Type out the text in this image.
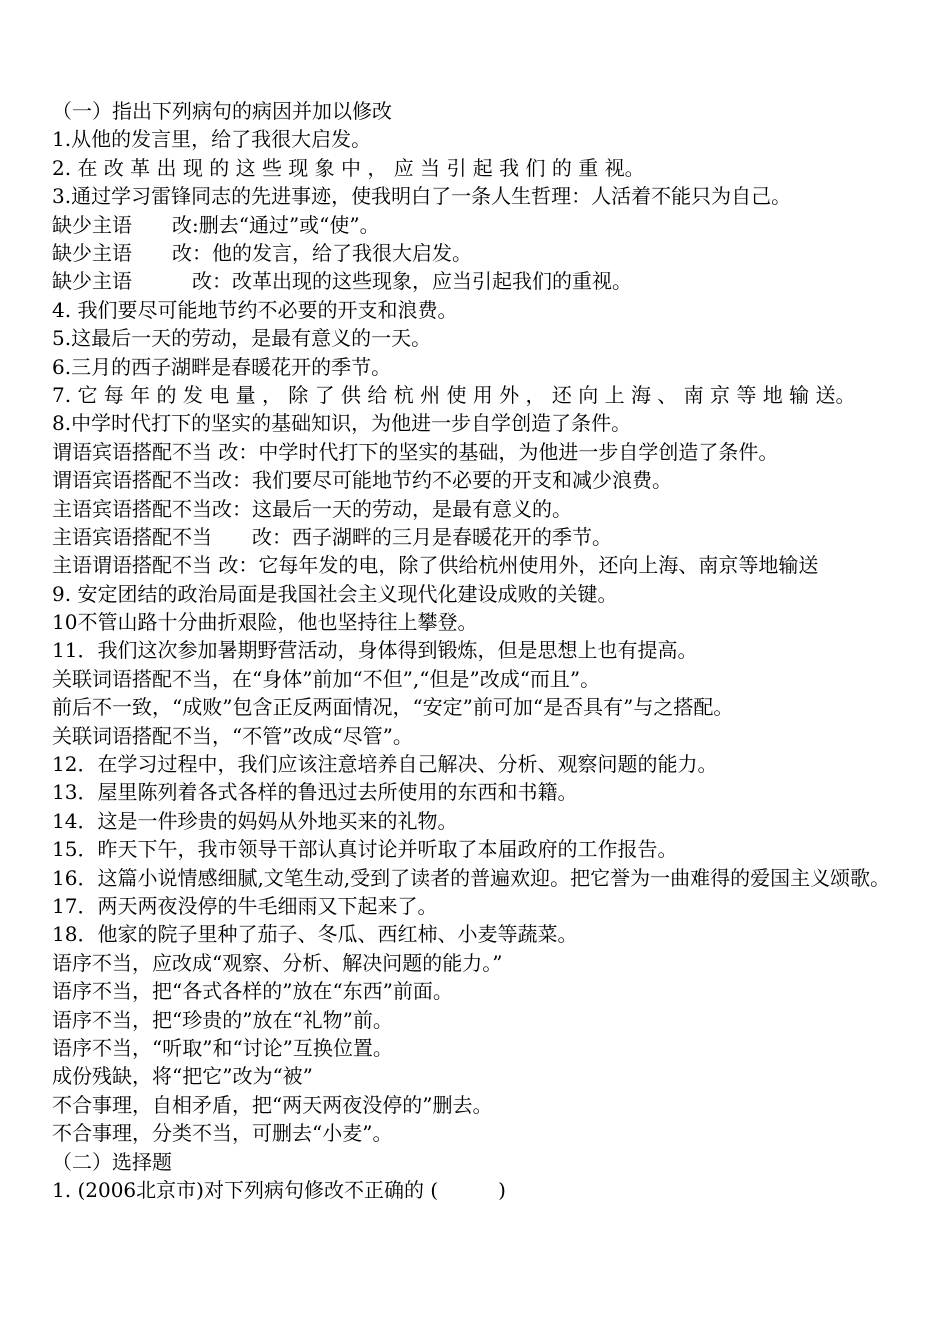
（一）指出下列病句的病因并加以修改
1.从他的发言里，给了我很大启发。
2. 在 改 革 出 现 的 这 些 现 象 中 ， 应 当 引 起 我 们 的 重 视。
3.通过学习雷锋同志的先进事迹，使我明白了一条人生哲理：人活着不能只为自己。
缺少主语　　改:删去“通过”或“使”。
缺少主语　　改：他的发言，给了我很大启发。
缺少主语　　　改：改革出现的这些现象，应当引起我们的重视。
4. 我们要尽可能地节约不必要的开支和浪费。
5.这最后一天的劳动，是最有意义的一天。
6.三月的西子湖畔是春暖花开的季节。
7. 它 每 年 的 发 电 量 ， 除 了 供 给 杭 州 使 用 外 ， 还 向 上 海 、 南 京 等 地 输 送。
8.中学时代打下的坚实的基础知识，为他进一步自学创造了条件。
谓语宾语搭配不当 改：中学时代打下的坚实的基础，为他进一步自学创造了条件。
谓语宾语搭配不当改：我们要尽可能地节约不必要的开支和减少浪费。
主语宾语搭配不当改：这最后一天的劳动，是最有意义的。
主语宾语搭配不当　　改：西子湖畔的三月是春暖花开的季节。
主语谓语搭配不当 改：它每年发的电，除了供给杭州使用外，还向上海、南京等地输送
9. 安定团结的政治局面是我国社会主义现代化建设成败的关键。
10不管山路十分曲折艰险，他也坚持往上攀登。
11．我们这次参加暑期野营活动，身体得到锻炼，但是思想上也有提高。
关联词语搭配不当，在“身体”前加“不但”,“但是”改成“而且”。
前后不一致，“成败”包含正反两面情况，“安定”前可加“是否具有”与之搭配。
关联词语搭配不当，“不管”改成“尽管”。
12．在学习过程中，我们应该注意培养自己解决、分析、观察问题的能力。
13．屋里陈列着各式各样的鲁迅过去所使用的东西和书籍。
14．这是一件珍贵的妈妈从外地买来的礼物。
15．昨天下午，我市领导干部认真讨论并听取了本届政府的工作报告。
16．这篇小说情感细腻,文笔生动,受到了读者的普遍欢迎。把它誉为一曲难得的爱国主义颂歌。
17．两天两夜没停的牛毛细雨又下起来了。
18．他家的院子里种了茄子、冬瓜、西红柿、小麦等蔬菜。
语序不当，应改成“观察、分析、解决问题的能力。”
语序不当，把“各式各样的”放在“东西”前面。
语序不当，把“珍贵的”放在“礼物”前。
语序不当，“听取”和“讨论”互换位置。
成份残缺，将“把它”改为“被”
不合事理，自相矛盾，把“两天两夜没停的”删去。
不合事理，分类不当，可删去“小麦”。
（二）选择题
1. (2006北京市)对下列病句修改不正确的 (　　　)
